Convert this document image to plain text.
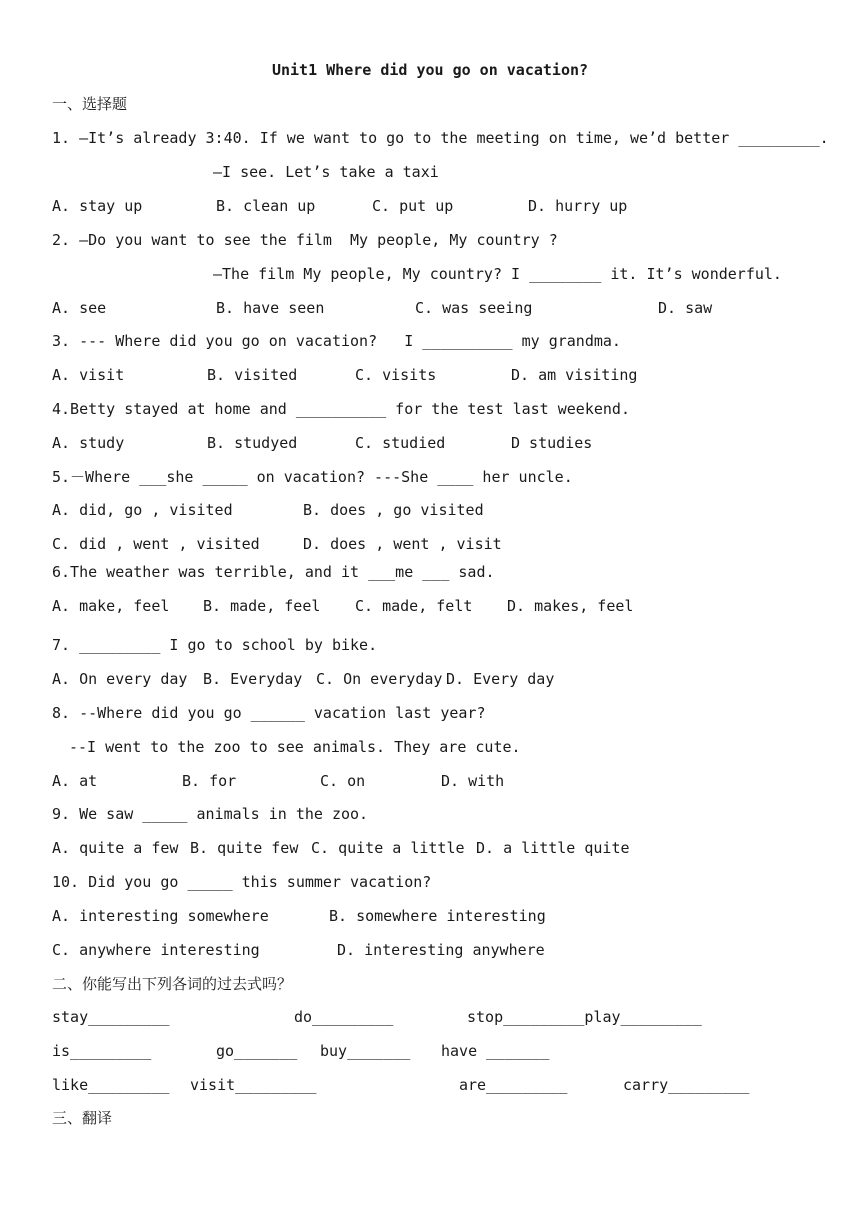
Unit1 Where did you go on vacation?
一、选择题
1. —It’s already 3:40. If we want to go to the meeting on time, we’d better _________.
—I see. Let’s take a taxi
A. stay up	B. clean up	C. put up	D. hurry up
2. —Do you want to see the film  My people, My country ?
—The film My people, My country? I ________ it. It’s wonderful.
A. see	B. have seen	C. was seeing	D. saw
3. --- Where did you go on vacation?   I __________ my grandma.
A. visit	B. visited	C. visits	D. am visiting
4.Betty stayed at home and __________ for the test last weekend.
A. study	B. studyed	C. studied	D studies
5.－Where ___she _____ on vacation? ---She ____ her uncle.
A. did, go , visited	B. does , go visited
C. did , went , visited	D. does , went , visit
6.The weather was terrible, and it ___me ___ sad.
A. make, feel B. made, feel C. made, felt D. makes, feel
7. _________ I go to school by bike.
A. On every day B. Everyday C. On everyday D. Every day
8. --Where did you go ______ vacation last year?
--I went to the zoo to see animals. They are cute.
A. at	B. for	C. on	D. with
9. We saw _____ animals in the zoo.
A. quite a few B. quite few C. quite a little D. a little quite
10. Did you go _____ this summer vacation?
A. interesting somewhere	B. somewhere interesting
C. anywhere interesting	D. interesting anywhere
二、你能写出下列各词的过去式吗？
stay_________	do_________	stop_________play_________
is_________	go_______ buy_______ have _______
like_________ visit_________	are_________	carry_________
三、翻译
